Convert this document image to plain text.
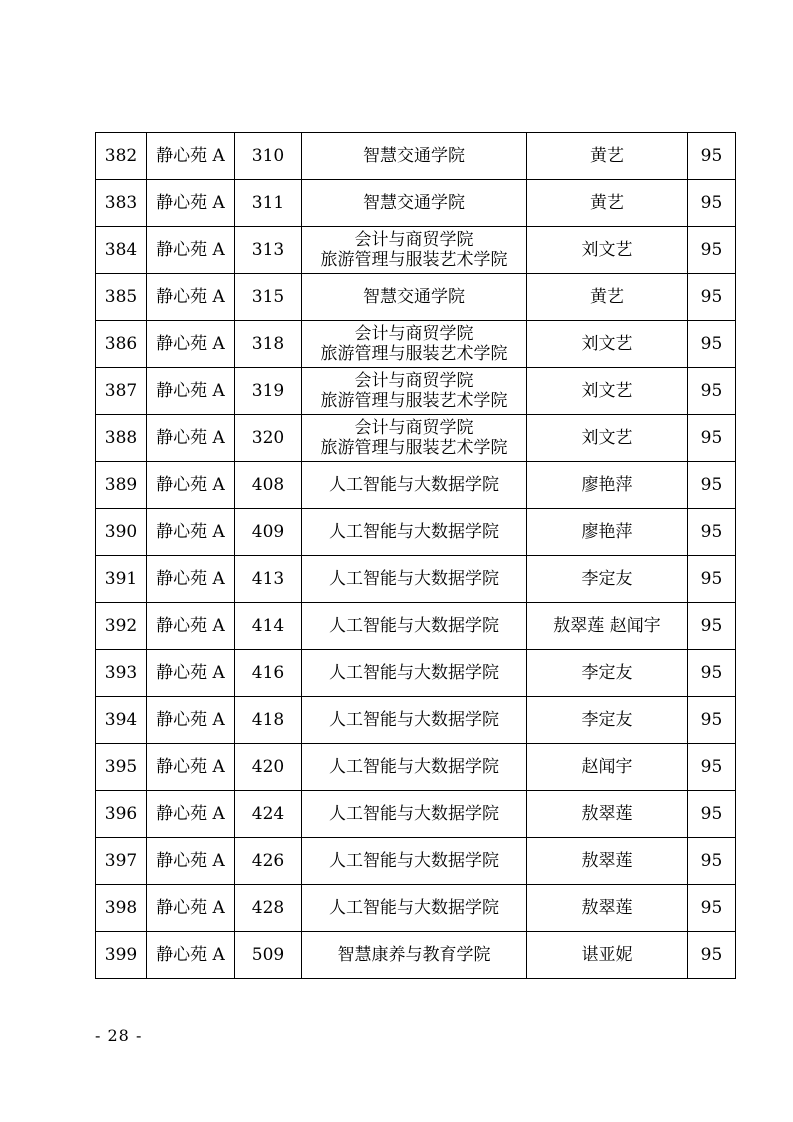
382	静心苑 A	310	智慧交通学院	黄艺	95
383	静心苑 A	311	智慧交通学院	黄艺	95
384	静心苑 A	313	会计与商贸学院
旅游管理与服装艺术学院	刘文艺	95
385	静心苑 A	315	智慧交通学院	黄艺	95
386	静心苑 A	318	会计与商贸学院
旅游管理与服装艺术学院	刘文艺	95
387	静心苑 A	319	会计与商贸学院
旅游管理与服装艺术学院	刘文艺	95
388	静心苑 A	320	会计与商贸学院
旅游管理与服装艺术学院	刘文艺	95
389	静心苑 A	408	人工智能与大数据学院	廖艳萍	95
390	静心苑 A	409	人工智能与大数据学院	廖艳萍	95
391	静心苑 A	413	人工智能与大数据学院	李定友	95
392	静心苑 A	414	人工智能与大数据学院	敖翠莲 赵闻宇	95
393	静心苑 A	416	人工智能与大数据学院	李定友	95
394	静心苑 A	418	人工智能与大数据学院	李定友	95
395	静心苑 A	420	人工智能与大数据学院	赵闻宇	95
396	静心苑 A	424	人工智能与大数据学院	敖翠莲	95
397	静心苑 A	426	人工智能与大数据学院	敖翠莲	95
398	静心苑 A	428	人工智能与大数据学院	敖翠莲	95
399	静心苑 A	509	智慧康养与教育学院	谌亚妮	95
- 28 -
